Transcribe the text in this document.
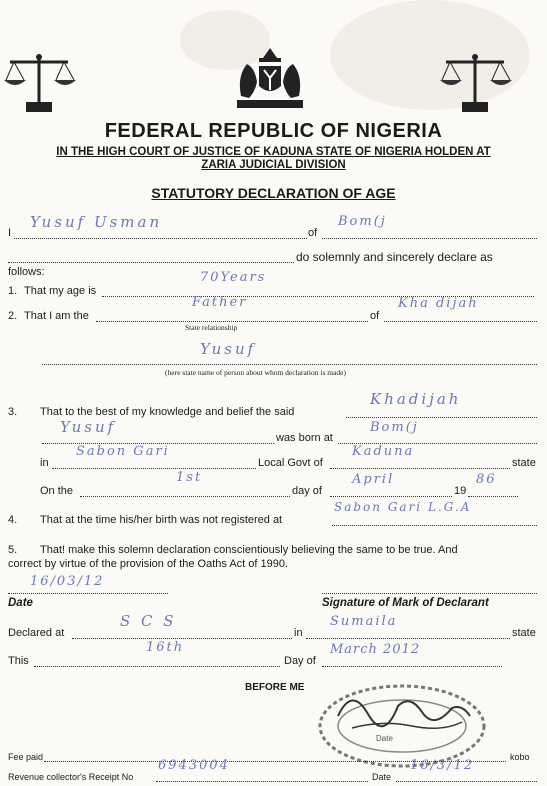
FEDERAL REPUBLIC OF NIGERIA
IN THE HIGH COURT OF JUSTICE OF KADUNA STATE OF NIGERIA HOLDEN AT
ZARIA JUDICIAL DIVISION
STATUTORY DECLARATION OF AGE
I
Yusuf Usman
of
Bom(j
do solemnly and sincerely declare as
follows:
1. That my age is
70Years
2. That I am the
Father
of
Kha dijah
State relationship
Yusuf
(here state name of person about whom declaration is made)
3. That to the best of my knowledge and belief the said
Khadijah
Yusuf
was born at
Bom(j
in
Sabon Gari
Local Govt of
Kaduna
state
On the
1st
day of
April
19
86
4. That at the time his/her birth was not registered at
Sabon Gari L.G.A
5. That! make this solemn declaration conscientiously believing the same to be true. And
correct by virtue of the provision of the Oaths Act of 1990.
16/03/12
Date	Signature of Mark of Declarant
Declared at
S C S
in
Sumaila
state
This
16th
Day of
March 2012
BEFORE ME
Date
Fee paid	kobo
Revenue collector's Receipt No
6943004
Date
16/3/12
